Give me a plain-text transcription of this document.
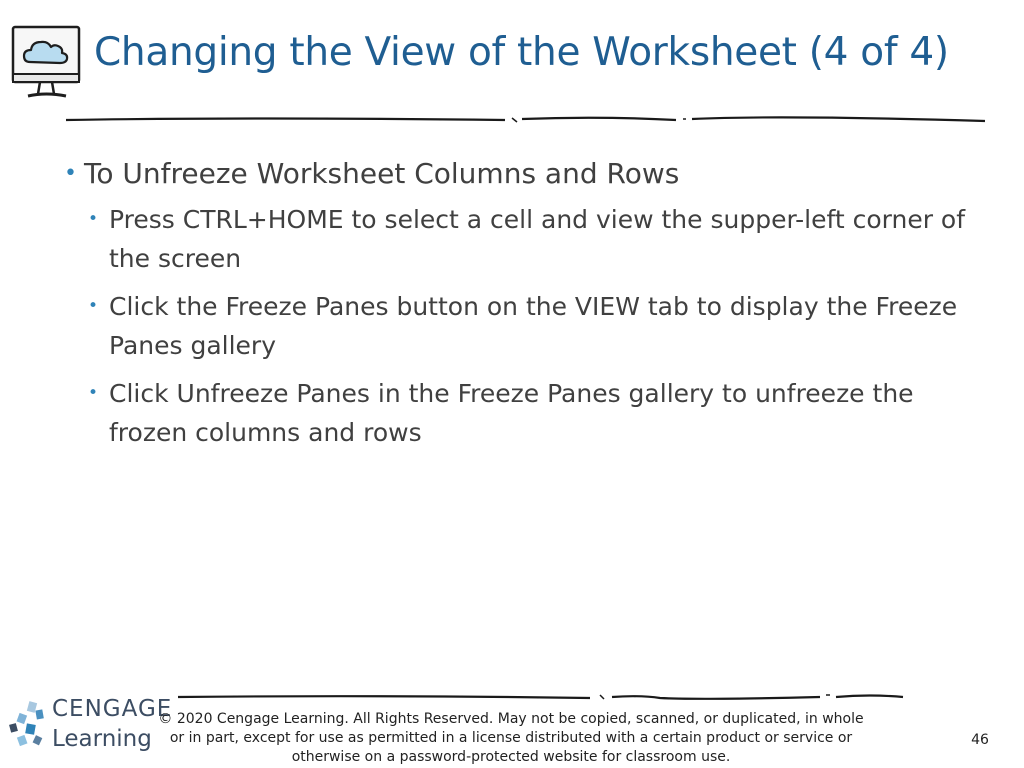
Changing the View of the Worksheet (4 of 4)
• To Unfreeze Worksheet Columns and Rows
• Press CTRL+HOME to select a cell and view the supper-left corner of the screen
• Click the Freeze Panes button on the VIEW tab to display the Freeze Panes gallery
• Click Unfreeze Panes in the Freeze Panes gallery to unfreeze the frozen columns and rows
CENGAGE
Learning
© 2020 Cengage Learning. All Rights Reserved. May not be copied, scanned, or duplicated, in whole or in part, except for use as permitted in a license distributed with a certain product or service or otherwise on a password-protected website for classroom use.
46
